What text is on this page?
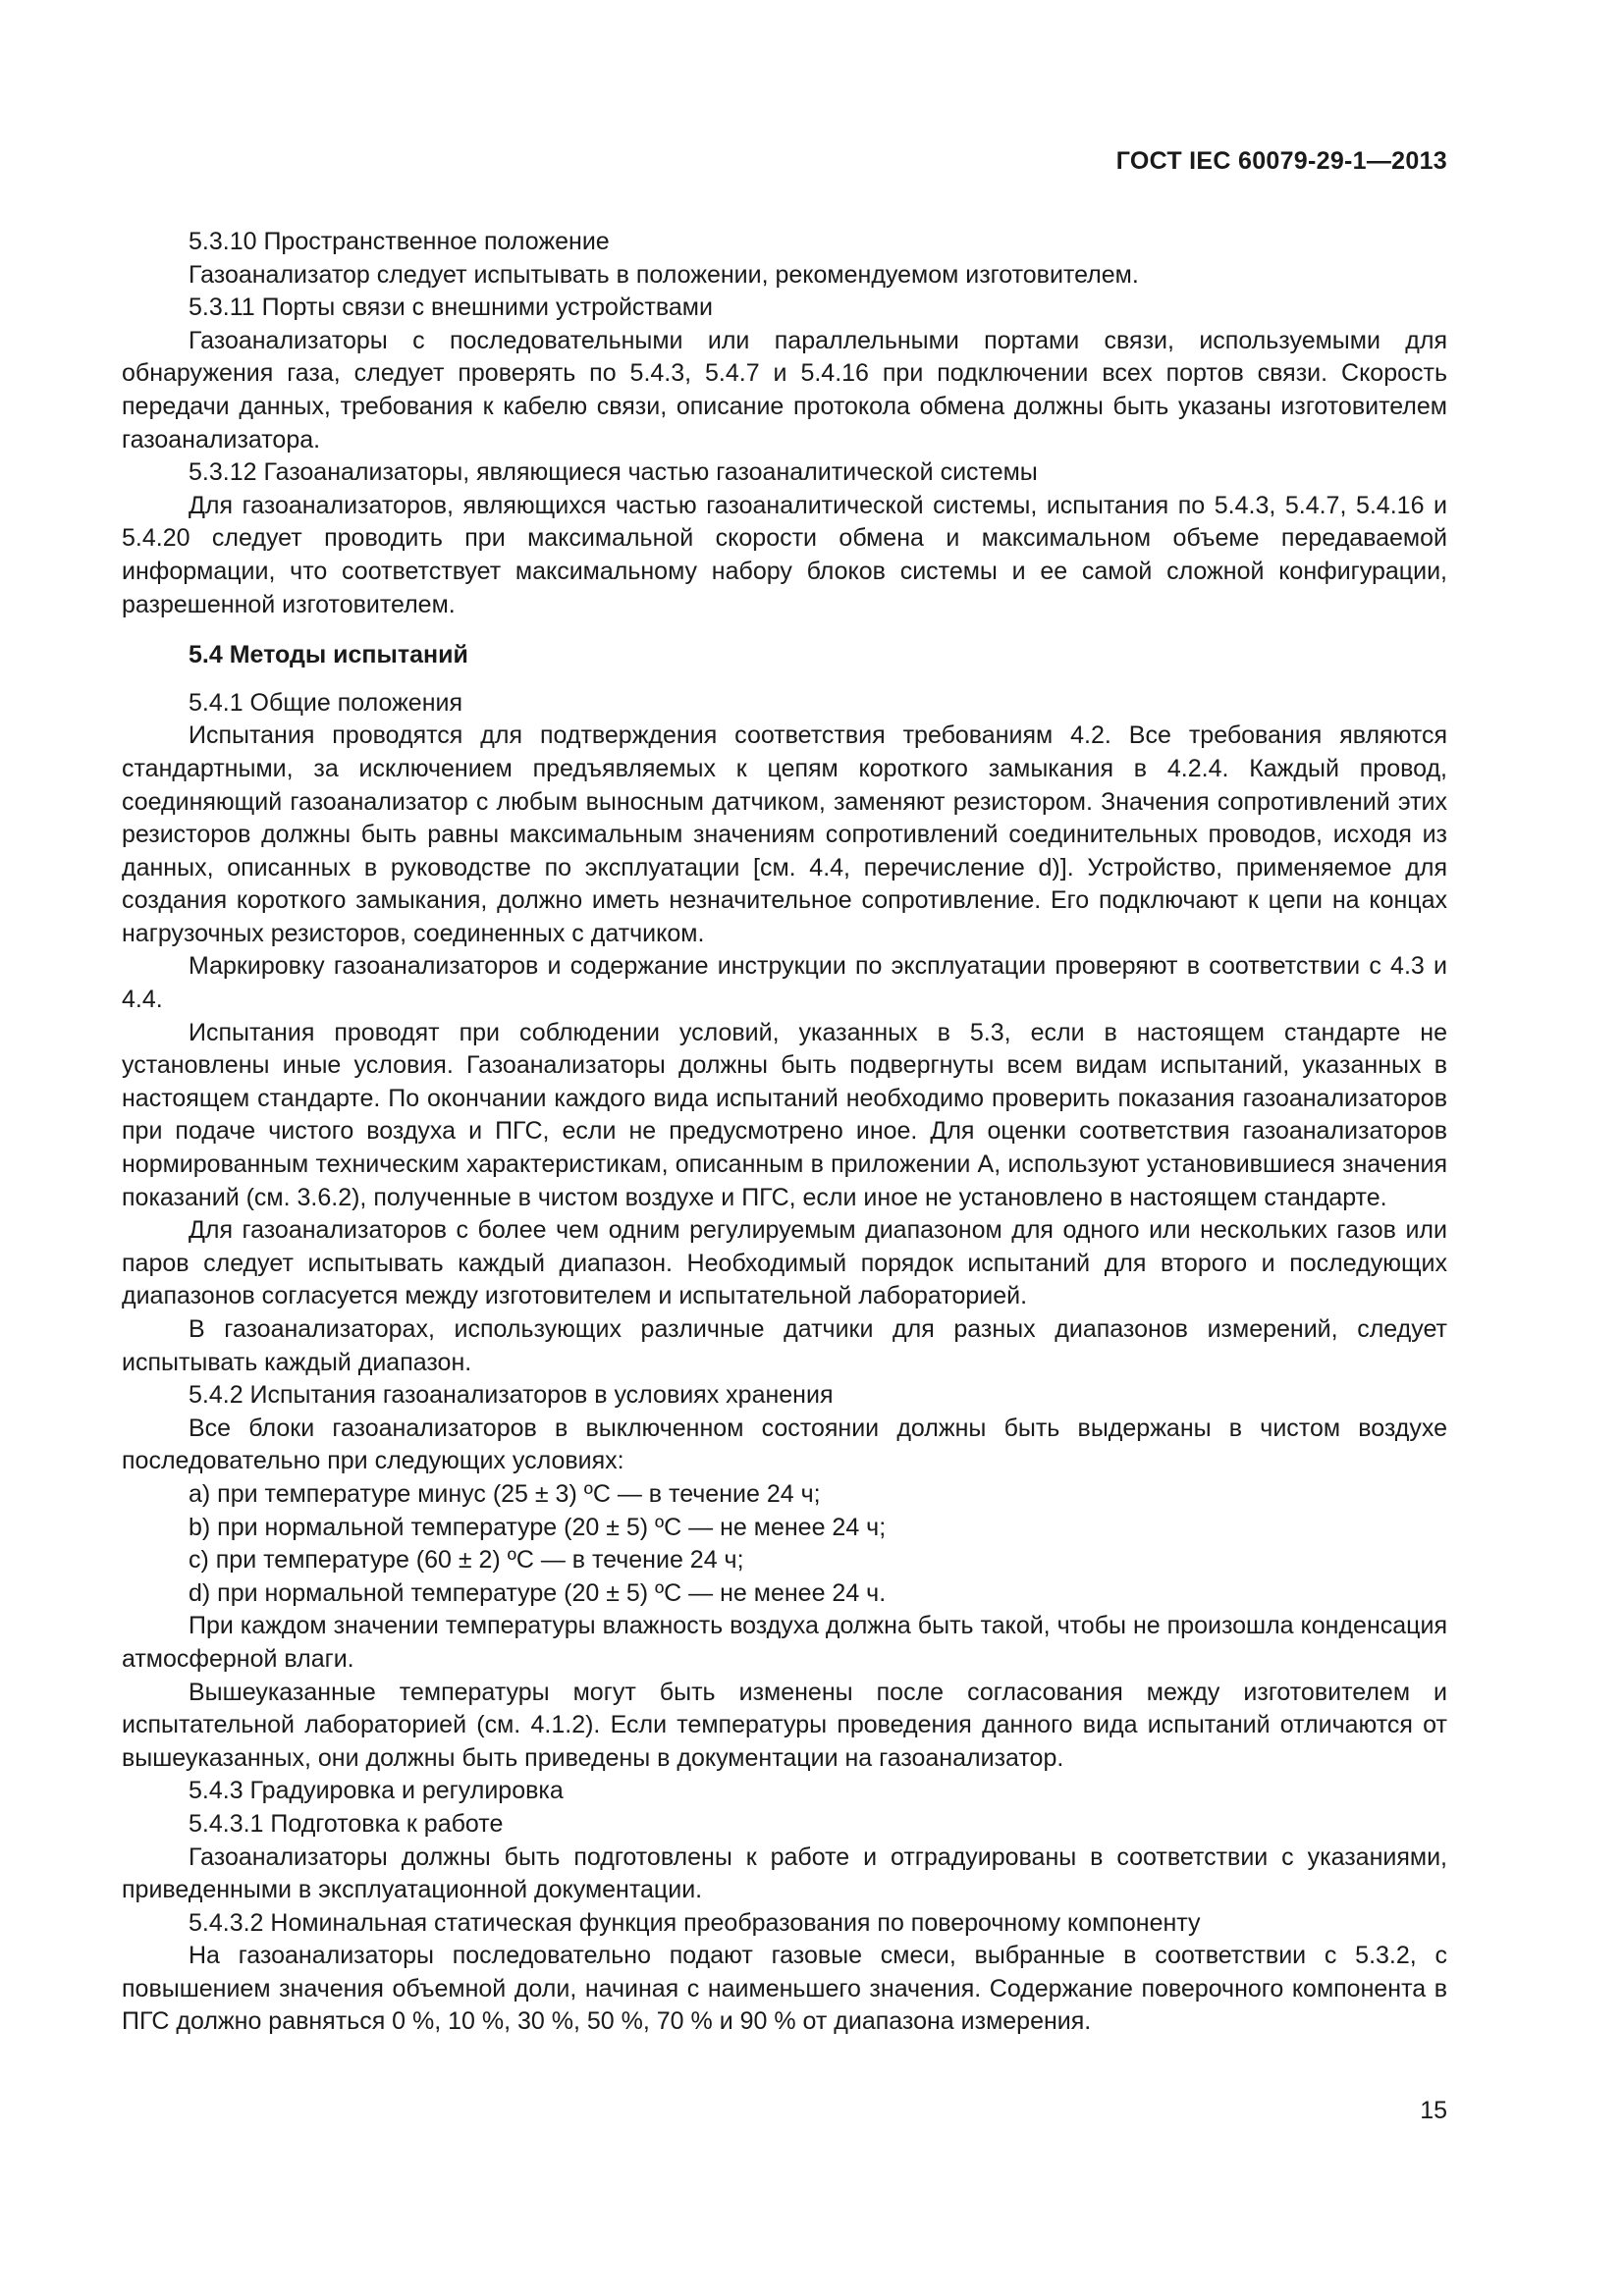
ГОСТ IEC 60079-29-1—2013

5.3.10 Пространственное положение

Газоанализатор следует испытывать в положении, рекомендуемом изготовителем.

5.3.11 Порты связи с внешними устройствами

Газоанализаторы с последовательными или параллельными портами связи, используемыми для обнаружения газа, следует проверять по 5.4.3, 5.4.7 и 5.4.16 при подключении всех портов связи. Скорость передачи данных, требования к кабелю связи, описание протокола обмена должны быть указаны изготовителем газоанализатора.

5.3.12 Газоанализаторы, являющиеся частью газоаналитической системы

Для газоанализаторов, являющихся частью газоаналитической системы, испытания по 5.4.3, 5.4.7, 5.4.16 и 5.4.20 следует проводить при максимальной скорости обмена и максимальном объеме передаваемой информации, что соответствует максимальному набору блоков системы и ее самой сложной конфигурации, разрешенной изготовителем.

5.4 Методы испытаний

5.4.1 Общие положения

Испытания проводятся для подтверждения соответствия требованиям 4.2. Все требования являются стандартными, за исключением предъявляемых к цепям короткого замыкания в 4.2.4. Каждый провод, соединяющий газоанализатор с любым выносным датчиком, заменяют резистором. Значения сопротивлений этих резисторов должны быть равны максимальным значениям сопротивлений соединительных проводов, исходя из данных, описанных в руководстве по эксплуатации [см. 4.4, перечисление d)]. Устройство, применяемое для создания короткого замыкания, должно иметь незначительное сопротивление. Его подключают к цепи на концах нагрузочных резисторов, соединенных с датчиком.

Маркировку газоанализаторов и содержание инструкции по эксплуатации проверяют в соответствии с 4.3 и 4.4.

Испытания проводят при соблюдении условий, указанных в 5.3, если в настоящем стандарте не установлены иные условия. Газоанализаторы должны быть подвергнуты всем видам испытаний, указанных в настоящем стандарте. По окончании каждого вида испытаний необходимо проверить показания газоанализаторов при подаче чистого воздуха и ПГС, если не предусмотрено иное. Для оценки соответствия газоанализаторов нормированным техническим характеристикам, описанным в приложении А, используют установившиеся значения показаний (см. 3.6.2), полученные в чистом воздухе и ПГС, если иное не установлено в настоящем стандарте.

Для газоанализаторов с более чем одним регулируемым диапазоном для одного или нескольких газов или паров следует испытывать каждый диапазон. Необходимый порядок испытаний для второго и последующих диапазонов согласуется между изготовителем и испытательной лабораторией.

В газоанализаторах, использующих различные датчики для разных диапазонов измерений, следует испытывать каждый диапазон.

5.4.2 Испытания газоанализаторов в условиях хранения

Все блоки газоанализаторов в выключенном состоянии должны быть выдержаны в чистом воздухе последовательно при следующих условиях:

a) при температуре минус (25 ± 3) ºС — в течение 24 ч;

b) при нормальной температуре (20 ± 5) ºС — не менее 24 ч;

c) при температуре (60 ± 2) ºС — в течение 24 ч;

d) при нормальной температуре (20 ± 5) ºС — не менее 24 ч.

При каждом значении температуры влажность воздуха должна быть такой, чтобы не произошла конденсация атмосферной влаги.

Вышеуказанные температуры могут быть изменены после согласования между изготовителем и испытательной лабораторией (см. 4.1.2). Если температуры проведения данного вида испытаний отличаются от вышеуказанных, они должны быть приведены в документации на газоанализатор.

5.4.3 Градуировка и регулировка

5.4.3.1 Подготовка к работе

Газоанализаторы должны быть подготовлены к работе и отградуированы в соответствии с указаниями, приведенными в эксплуатационной документации.

5.4.3.2 Номинальная статическая функция преобразования по поверочному компоненту

На газоанализаторы последовательно подают газовые смеси, выбранные в соответствии с 5.3.2, с повышением значения объемной доли, начиная с наименьшего значения. Содержание поверочного компонента в ПГС должно равняться 0 %, 10 %, 30 %, 50 %, 70 % и 90 % от диапазона измерения.

15
